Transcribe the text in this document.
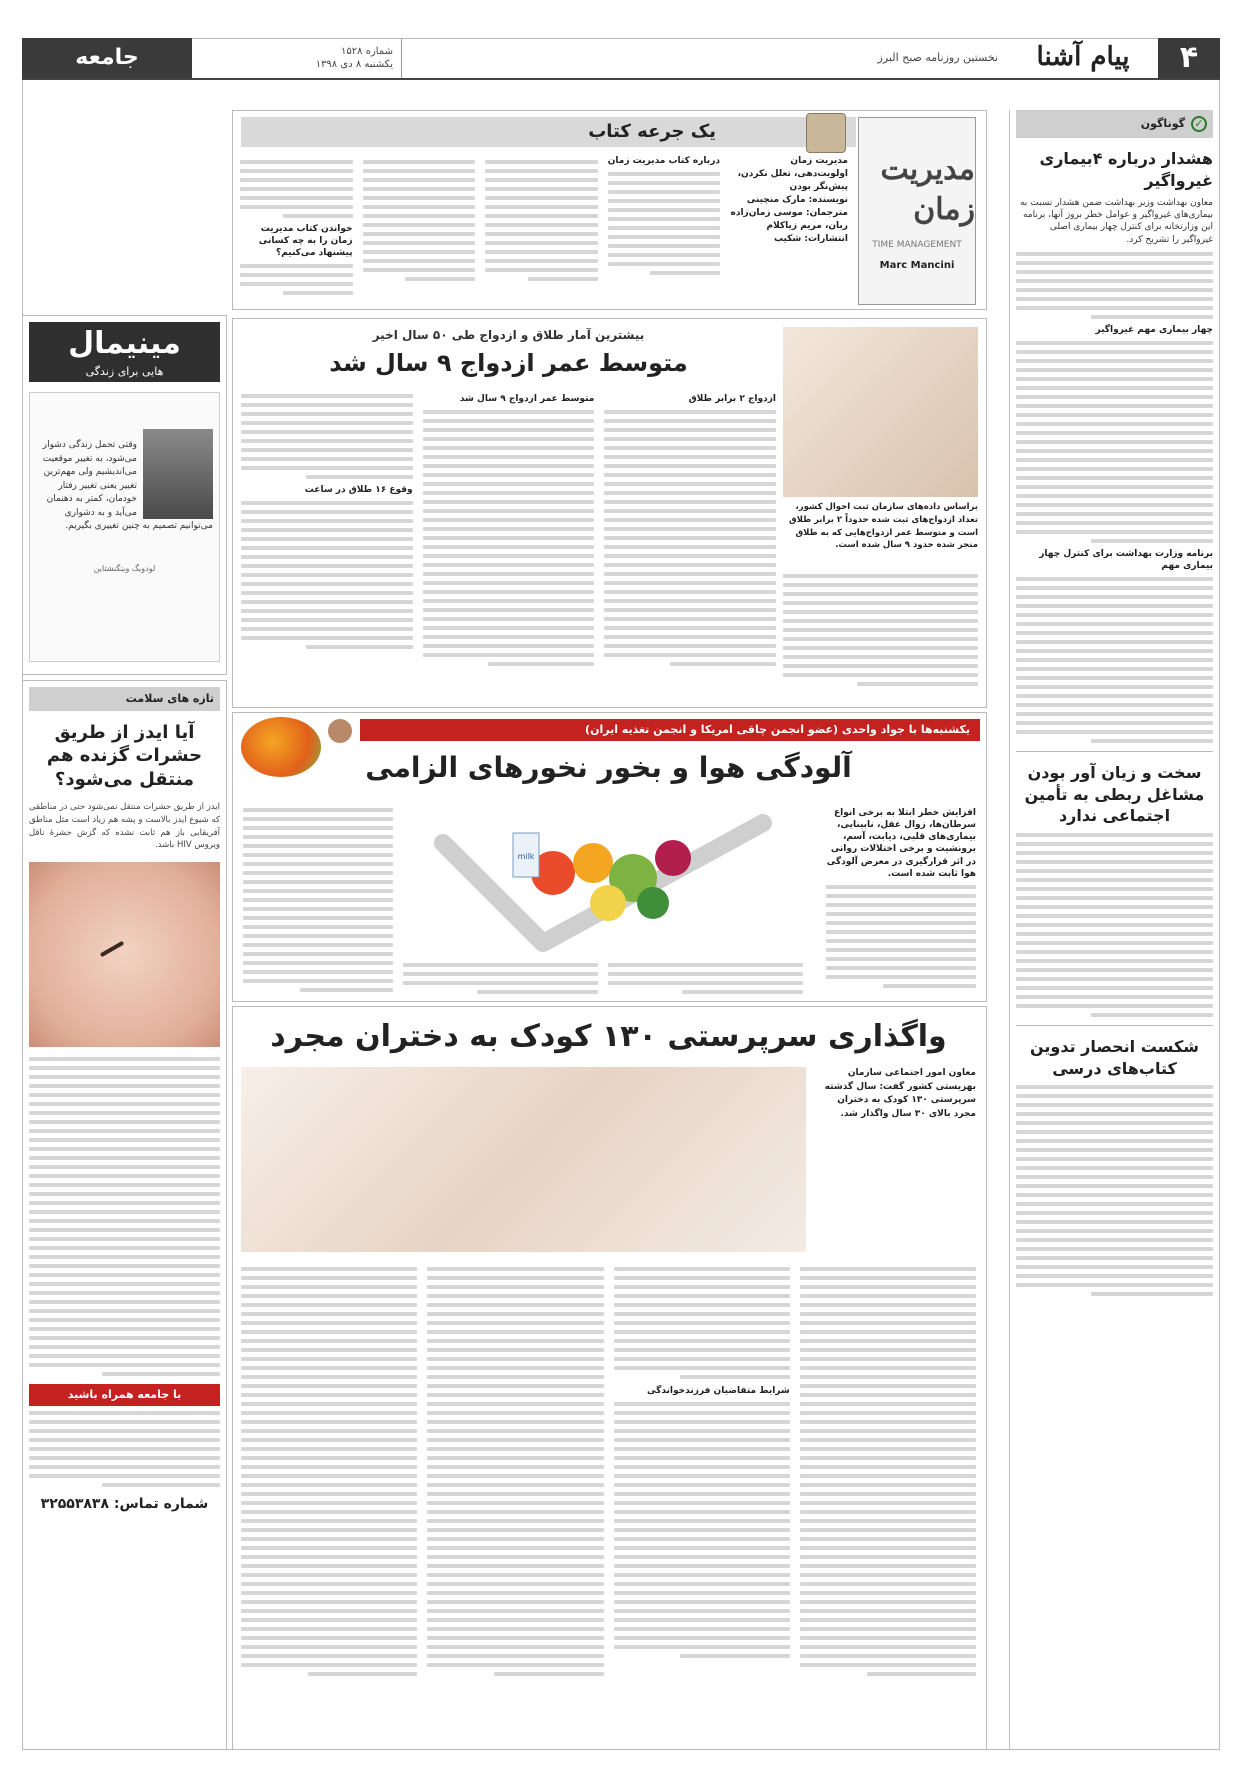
۴
پیام آشنا
نخستین روزنامه صبح البرز
شماره ۱۵۲۸
یکشنبه ۸ دی ۱۳۹۸
جامعه
✓
گوناگون
هشدار درباره ۴بیماری غیرواگیر

معاون بهداشت وزیر بهداشت ضمن هشدار نسبت به بیماری‌های غیرواگیر و عوامل خطر بروز آنها، برنامه این وزارتخانه برای کنترل چهار بیماری اصلی غیرواگیر را تشریح کرد.

چهار بیماری مهم غیرواگیر

برنامه وزارت بهداشت برای کنترل چهار بیماری مهم

سخت و زیان آور بودن مشاغل ربطی به تأمین اجتماعی ندارد
شکست انحصار تدوین کتاب‌های درسی
یک جرعه کتاب
مدیریت زمان
TIME MANAGEMENT
Marc Mancini
مدیریت زمان
اولویت‌دهی، تعلل نکردن، پیش‌نگر بودن
نویسنده: مارک منچینی
مترجمان: موسی زمان‌زاده ربان، مریم زیاکلام
انتشارات: شکیب
درباره کتاب مدیریت زمان
خواندن کتاب مدیریت زمان را به چه کسانی پیشنهاد می‌کنیم؟
مینیمال
هایی برای زندگی

وقتی تحمل زندگی دشوار می‌شود، به تغییر موقعیت می‌اندیشیم ولی مهم‌ترین تغییر یعنی تغییر رفتار خودمان، کمتر به ذهنمان می‌آید و به دشواری می‌توانیم تصمیم به چنین تغییری بگیریم.

لودویگ ویتگنشتاین
تازه های سلامت
آیا ایدز از طریق حشرات گزنده هم منتقل می‌شود؟

ایدز از طریق حشرات منتقل نمی‌شود حتی در مناطقی که شیوع ایدز بالاست و پشه هم زیاد است مثل مناطق آفریقایی باز هم ثابت نشده که گزش حشرهٔ ناقل ویروس HIV باشد.

با جامعه همراه باشید
شماره تماس: ۳۲۵۵۳۸۳۸
بیشترین آمار طلاق و ازدواج طی ۵۰ سال اخیر
متوسط عمر ازدواج ۹ سال شد

براساس داده‌های سازمان ثبت احوال کشور، تعداد ازدواج‌های ثبت شده حدوداً ۲ برابر طلاق است و متوسط عمر ازدواج‌هایی که به طلاق منجر شده حدود ۹ سال شده است.

ازدواج ۲ برابر طلاق

متوسط عمر ازدواج ۹ سال شد

وقوع ۱۶ طلاق در ساعت

یکشنبه‌ها با جواد واحدی (عضو انجمن چاقی امریکا و انجمن تغذیه ایران)
آلودگی هوا و بخور نخورهای الزامی

افزایش خطر ابتلا به برخی انواع سرطان‌ها، زوال عقل، نابینایی، بیماری‌های قلبی، دیابت، آسم، برونشیت و برخی اختلالات روانی در اثر قرارگیری در معرض آلودگی هوا ثابت شده است.

milk
واگذاری سرپرستی ۱۳۰ کودک به دختران مجرد

معاون امور اجتماعی سازمان بهزیستی کشور گفت: سال گذشته سرپرستی ۱۳۰ کودک به دختران مجرد بالای ۳۰ سال واگذار شد.

شرایط متقاضیان فرزندخواندگی
